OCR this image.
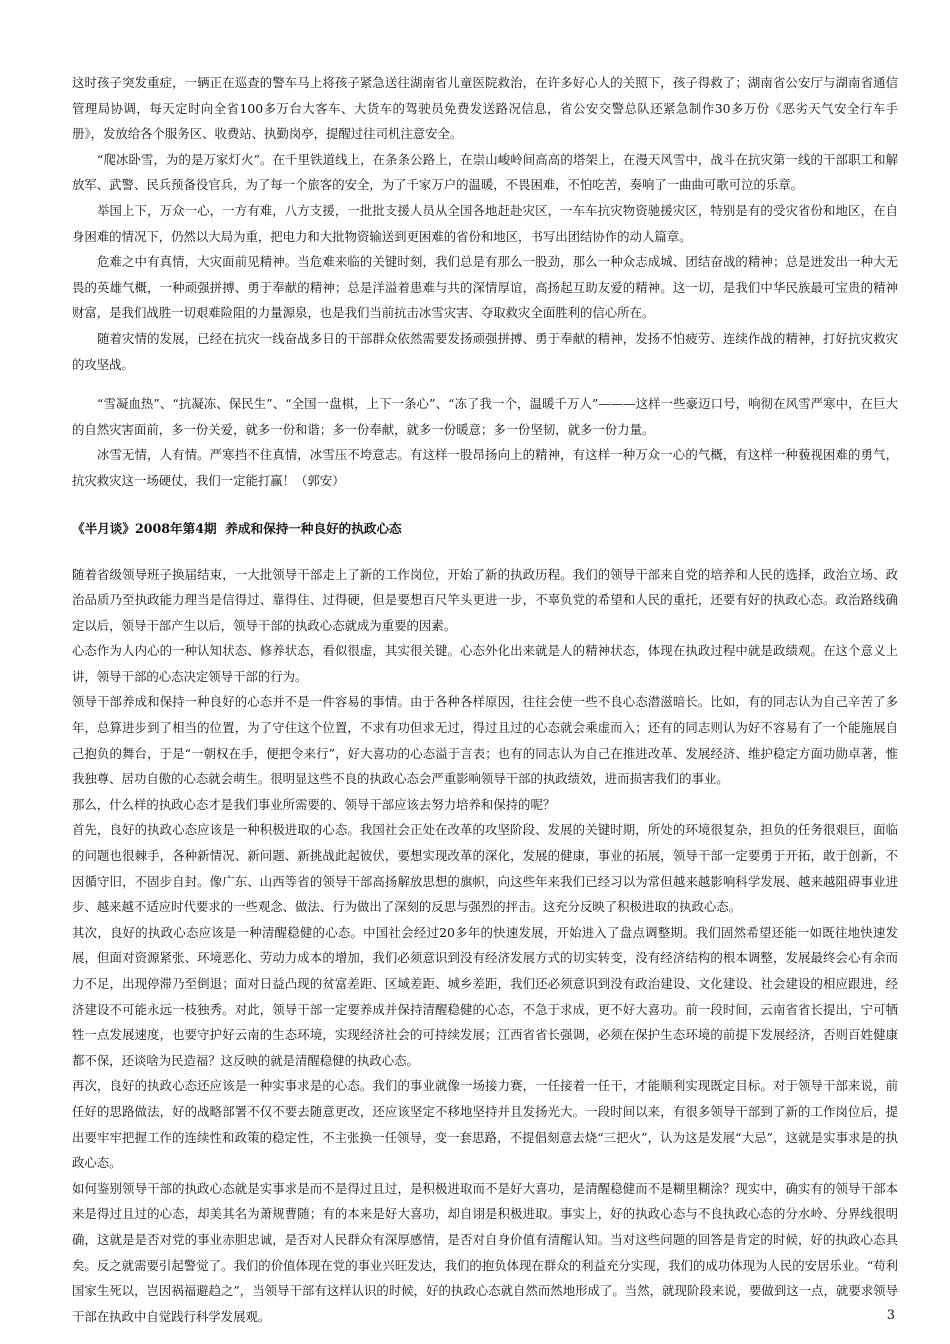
这时孩子突发重症，一辆正在巡查的警车马上将孩子紧急送往湖南省儿童医院救治，在许多好心人的关照下，孩子得救了；湖南省公安厅与湖南省通信管理局协调，每天定时向全省100多万台大客车、大货车的驾驶员免费发送路况信息，省公安交警总队还紧急制作30多万份《恶劣天气安全行车手册》，发放给各个服务区、收费站、执勤岗亭，提醒过往司机注意安全。

“爬冰卧雪，为的是万家灯火”。在千里铁道线上，在条条公路上，在崇山峻岭间高高的塔架上，在漫天风雪中，战斗在抗灾第一线的干部职工和解放军、武警、民兵预备役官兵，为了每一个旅客的安全，为了千家万户的温暖，不畏困难，不怕吃苦，奏响了一曲曲可歌可泣的乐章。

举国上下，万众一心，一方有难，八方支援，一批批支援人员从全国各地赶赴灾区，一车车抗灾物资驰援灾区，特别是有的受灾省份和地区，在自身困难的情况下，仍然以大局为重，把电力和大批物资输送到更困难的省份和地区，书写出团结协作的动人篇章。

危难之中有真情，大灾面前见精神。当危难来临的关键时刻，我们总是有那么一股劲，那么一种众志成城、团结奋战的精神；总是迸发出一种大无畏的英雄气概，一种顽强拼搏、勇于奉献的精神；总是洋溢着患难与共的深情厚谊，高扬起互助友爱的精神。这一切，是我们中华民族最可宝贵的精神财富，是我们战胜一切艰难险阻的力量源泉，也是我们当前抗击冰雪灾害、夺取救灾全面胜利的信心所在。

随着灾情的发展，已经在抗灾一线奋战多日的干部群众依然需要发扬顽强拼搏、勇于奉献的精神，发扬不怕疲劳、连续作战的精神，打好抗灾救灾的攻坚战。

“雪凝血热”、“抗凝冻、保民生”、“全国一盘棋，上下一条心”、“冻了我一个，温暖千万人”———这样一些豪迈口号，响彻在风雪严寒中，在巨大的自然灾害面前，多一份关爱，就多一份和谐；多一份奉献，就多一份暖意；多一份坚韧，就多一份力量。

冰雪无情，人有情。严寒挡不住真情，冰雪压不垮意志。有这样一股昂扬向上的精神，有这样一种万众一心的气概，有这样一种藐视困难的勇气，抗灾救灾这一场硬仗，我们一定能打赢！（郭安）

《半月谈》2008年第4期  养成和保持一种良好的执政心态

随着省级领导班子换届结束，一大批领导干部走上了新的工作岗位，开始了新的执政历程。我们的领导干部来自党的培养和人民的选择，政治立场、政治品质乃至执政能力理当是信得过、靠得住、过得硬，但是要想百尺竿头更进一步，不辜负党的希望和人民的重托，还要有好的执政心态。政治路线确定以后，领导干部产生以后，领导干部的执政心态就成为重要的因素。

心态作为人内心的一种认知状态、修养状态，看似很虚，其实很关键。心态外化出来就是人的精神状态，体现在执政过程中就是政绩观。在这个意义上讲，领导干部的心态决定领导干部的行为。

领导干部养成和保持一种良好的心态并不是一件容易的事情。由于各种各样原因，往往会使一些不良心态潜滋暗长。比如，有的同志认为自己辛苦了多年，总算进步到了相当的位置，为了守住这个位置，不求有功但求无过，得过且过的心态就会乘虚而入；还有的同志则认为好不容易有了一个能施展自己抱负的舞台，于是“一朝权在手，便把令来行”，好大喜功的心态溢于言表；也有的同志认为自己在推进改革、发展经济、维护稳定方面功勋卓著，惟我独尊、居功自傲的心态就会萌生。很明显这些不良的执政心态会严重影响领导干部的执政绩效，进而损害我们的事业。

那么，什么样的执政心态才是我们事业所需要的、领导干部应该去努力培养和保持的呢？

首先，良好的执政心态应该是一种积极进取的心态。我国社会正处在改革的攻坚阶段、发展的关键时期，所处的环境很复杂，担负的任务很艰巨，面临的问题也很棘手，各种新情况、新问题、新挑战此起彼伏，要想实现改革的深化，发展的健康，事业的拓展，领导干部一定要勇于开拓，敢于创新，不因循守旧，不固步自封。像广东、山西等省的领导干部高扬解放思想的旗帜，向这些年来我们已经习以为常但越来越影响科学发展、越来越阻碍事业进步、越来越不适应时代要求的一些观念、做法、行为做出了深刻的反思与强烈的抨击。这充分反映了积极进取的执政心态。

其次，良好的执政心态应该是一种清醒稳健的心态。中国社会经过20多年的快速发展，开始进入了盘点调整期。我们固然希望还能一如既往地快速发展，但面对资源紧张、环境恶化、劳动力成本的增加，我们必须意识到没有经济发展方式的切实转变，没有经济结构的根本调整，发展最终会心有余而力不足，出现停滞乃至倒退；面对日益凸现的贫富差距、区域差距、城乡差距，我们还必须意识到没有政治建设、文化建设、社会建设的相应跟进，经济建设不可能永远一枝独秀。对此，领导干部一定要养成并保持清醒稳健的心态，不急于求成，更不好大喜功。前一段时间，云南省省长提出，宁可牺牲一点发展速度，也要守护好云南的生态环境，实现经济社会的可持续发展；江西省省长强调，必须在保护生态环境的前提下发展经济，否则百姓健康都不保，还谈啥为民造福？这反映的就是清醒稳健的执政心态。

再次，良好的执政心态还应该是一种实事求是的心态。我们的事业就像一场接力赛，一任接着一任干，才能顺利实现既定目标。对于领导干部来说，前任好的思路做法，好的战略部署不仅不要去随意更改，还应该坚定不移地坚持并且发扬光大。一段时间以来，有很多领导干部到了新的工作岗位后，提出要牢牢把握工作的连续性和政策的稳定性，不主张换一任领导，变一套思路，不提倡刻意去烧“三把火”，认为这是发展“大忌”，这就是实事求是的执政心态。

如何鉴别领导干部的执政心态就是实事求是而不是得过且过，是积极进取而不是好大喜功，是清醒稳健而不是糊里糊涂？现实中，确实有的领导干部本来是得过且过的心态，却美其名为萧规曹随；有的本来是好大喜功，却自诩是积极进取。事实上，好的执政心态与不良执政心态的分水岭、分界线很明确，这就是是否对党的事业赤胆忠诚，是否对人民群众有深厚感情，是否对自身价值有清醒认知。当对这些问题的回答是肯定的时候，好的执政心态具矣。反之就需要引起警觉了。我们的价值体现在党的事业兴旺发达，我们的抱负体现在群众的利益充分实现，我们的成功体现为人民的安居乐业。“苟利国家生死以，岂因祸福避趋之”，当领导干部有这样认识的时候，好的执政心态就自然而然地形成了。当然，就现阶段来说，要做到这一点，就要求领导干部在执政中自觉践行科学发展观。	3
